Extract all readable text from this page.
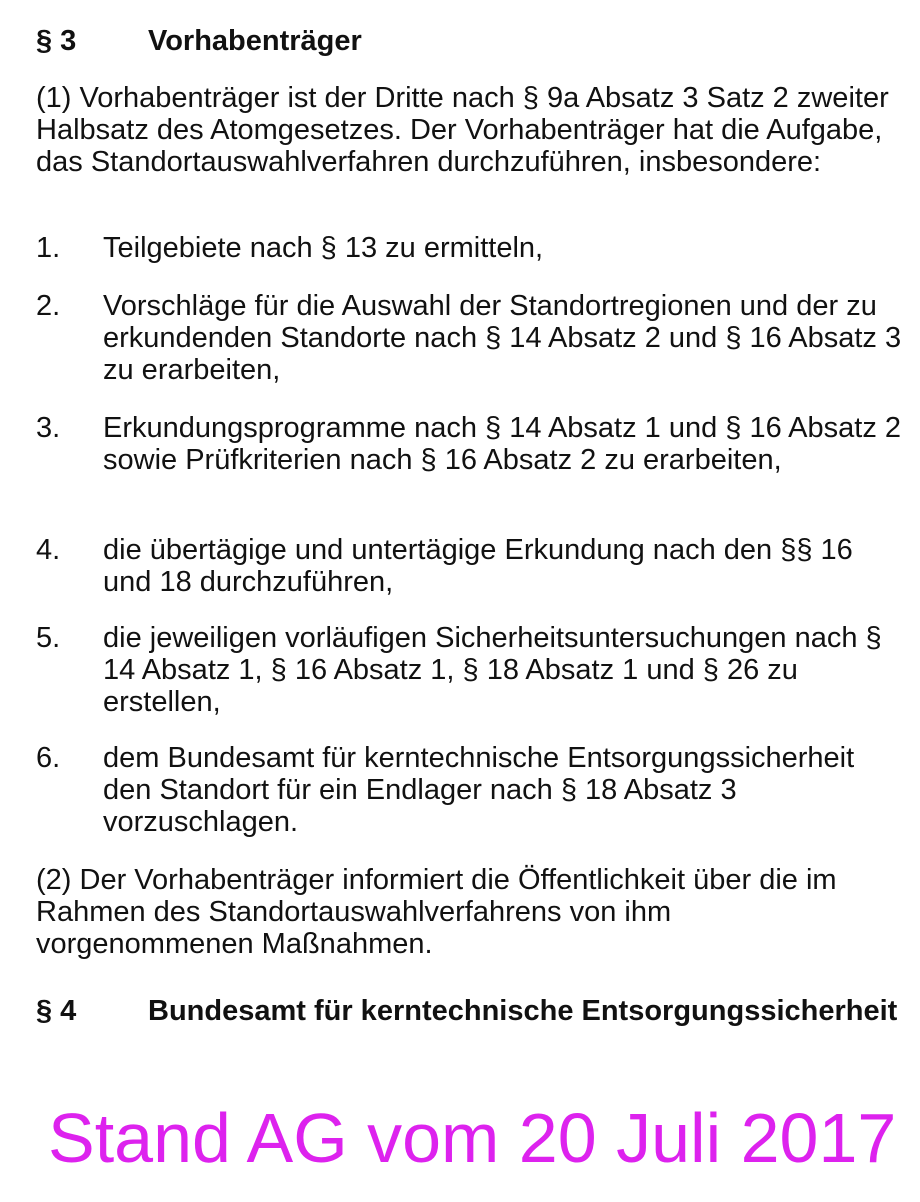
§ 3	Vorhabenträger

(1) Vorhabenträger ist der Dritte nach § 9a Absatz 3 Satz 2 zweiter Halbsatz des Atomgesetzes. Der Vorhabenträger hat die Aufgabe, das Standortauswahlverfahren durchzuführen, insbesondere:

1.	Teilgebiete nach § 13 zu ermitteln,
2.	Vorschläge für die Auswahl der Standortregionen und der zu erkundenden Standorte nach § 14 Absatz 2 und § 16 Absatz 3 zu erarbeiten,
3.	Erkundungsprogramme nach § 14 Absatz 1 und § 16 Absatz 2 sowie Prüfkriterien nach § 16 Absatz 2 zu erarbeiten,
4.	die übertägige und untertägige Erkundung nach den §§ 16 und 18 durchzuführen,
5.	die jeweiligen vorläufigen Sicherheitsuntersuchungen nach § 14 Absatz 1, § 16 Absatz 1, § 18 Absatz 1 und § 26 zu erstellen,
6.	dem Bundesamt für kerntechnische Entsorgungssicherheit den Standort für ein Endlager nach § 18 Absatz 3 vorzuschlagen.

(2) Der Vorhabenträger informiert die Öffentlichkeit über die im Rahmen des Standortauswahlverfahrens von ihm vorgenommenen Maßnahmen.

§ 4	Bundesamt für kerntechnische Entsorgungssicherheit
Stand AG vom 20 Juli 2017
